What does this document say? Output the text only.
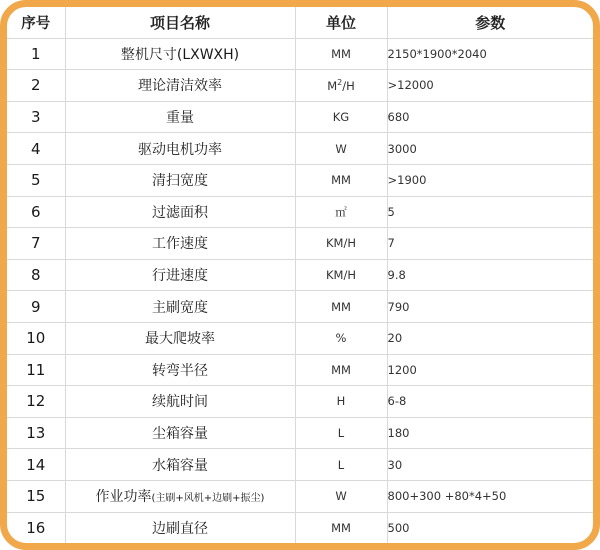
序号	项目名称	单位	参数
1	整机尺寸(LXWXH)	MM	2150*1900*2040
2	理论清洁效率	$M^2/H$	>12000
3	重量	KG	680
4	驱动电机功率	W	3000
5	清扫宽度	MM	>1900
6	过滤面积	㎡	5
7	工作速度	KM/H	7
8	行进速度	KM/H	9.8
9	主刷宽度	MM	790
10	最大爬坡率	%	20
11	转弯半径	MM	1200
12	续航时间	H	6-8
13	尘箱容量	L	180
14	水箱容量	L	30
15	作业功率(主刷+风机+边刷+振尘)	W	800+300 +80*4+50
16	边刷直径	MM	500
